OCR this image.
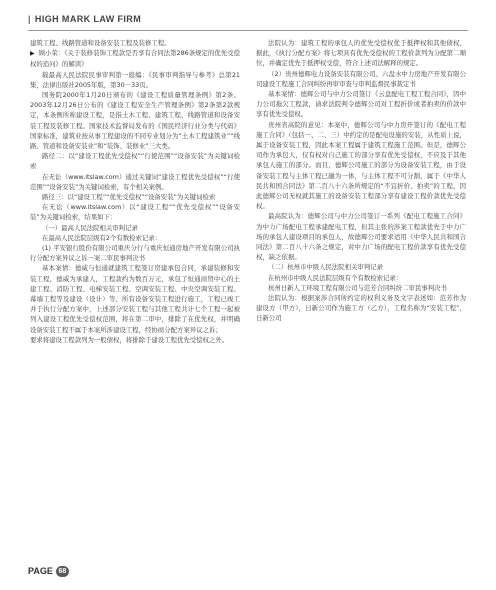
| HIGH MARK LAW FIRM

建筑工程、线路管道和设备安装工程及装修工程。

▶ 顾小荣：《关于装修装饰工程款是否享有合同法第286条规定的优先受偿权的追问》的解读》

载最高人民法院民事审判第一庭编：《民事审判指导与参考》总第21集，法律出版社2005年版，第30－33页。

国务院2000年1月20日颁布的《建设工程质量管理条例》第2条、2003年12月26日公布的《建设工程安全生产管理条例》第2条第2款规定，本条例所称建设工程，是指土木工程、建筑工程、线路管道和设备安装工程及装修工程。国家技术监督局发布的《国民经济行业分类与代码》国家标准，建筑业按从事工程建设的不同专业划分为“土木工程建筑业”“线路、管道和设备安装业”和“装饰、装修业”三大类。

路径二：以“建设工程优先受偿权”“行使范围”“设备安装”为关键词检索

在无讼（www.itslaw.com）通过关键词“建设工程优先受偿权”“行使范围”“设备安装”为关键词检索，有个相关案例。

路径三：以“建设工程”“优先受偿权”“设备安装”为关键词检索

在无讼（www.itslaw.com）以“建设工程”“优先受偿权”“设备安装”为关键词检索，结果如下：

（一）最高人民法院相关审判记录

在最高人民法院层级有2个有数检索记录：

(1) 平安银行股份有限公司重庆分行与重庆恒通房地产开发有限公司执行分配方案异议之诉一案二审民事判决书

基本案情：德威与恒通就建筑工程签订房建承包合同，承建装修和安装工程，德威为承建人，工程款约为数百万元，承包了恒通商贸中心的土建工程、消防工程、电梯安装工程、空调安装工程、中央空调安装工程、幕墙工程等及建设（设计）等、所有设备安装工程进行施工，工程已竣工并于执行分配方案中，上述部分安装工程与其他工程共计七个工程一起被列入建设工程优先受偿权范围，将在第二审中，排除了在优先权，并明确设备安装工程不属于本案所涉建设工程，经协商分配方案异议之诉；

要求将建设工程款列为一般债权，将排除于建设工程优先受偿权之外。

法院认为：建筑工程的承包人的优先受偿权优于抵押权和其他债权，据此，《执行分配方案》将七项具有优先受偿权的工程价款列为分配第二顺位，并确定优先于抵押权受偿，符合上述司法解释的规定。

（2）贵州德辉电力设备安装有限公司、六盘水中力房地产开发有限公司建设工程施工合同纠纷再审审查与审判监督民事裁定书

基本案情：德辉公司与中力公司签订《云盘配电工程工程合同》，因中力公司拖欠工程款，请求法院判令德辉公司对工程折价或者拍卖的价款中享有优先受偿权。

贵州省高院的意见：本案中，德辉公司与中力房开签订的《配电工程施工合同》（包括一、二、三）中约定的是配电设施的安装，从性质上说，属于设备安装工程，因此本案工程属于建筑工程施工范围。但是，德辉公司作为承包人，仅有权对自己施工的部分享有优先受偿权，不应及于其他承包人施工的部分。而且，德辉公司施工的部分为设备安装工程，由于设备安装工程与主体工程已融为一体，与主体工程不可分割，属于《中华人民共和国合同法》第二百八十六条所规定的“不宜折价、拍卖”的工程，因此德辉公司无权就其施工的设备安装工程部分享有建设工程价款优先受偿权。

最高院认为：德辉公司与中力公司签订一系列《配电工程施工合同》为中力广场配电工程承建配电工程，但其主张的涉案工程款优先于中力广场的承包人建设项目的承包人，故德辉公司要求适用《中华人民共和国合同法》第二百八十六条之规定，对中力广场的配电工程价款享有优先受偿权，缺乏依据。

（二）杭州市中级人民法院相关审判记录

在杭州市中级人民法院层级有个有数检索记录：

杭州日新人工环境工程有限公司与范芳合同纠纷二审民事判决书

法院认为：根据案涉合同所约定的权利义务及文字表述如：范芳作为建设方（甲方），日新公司作为施工方（乙方），工程名称为“安装工程”，日新公司

PAGE 68
